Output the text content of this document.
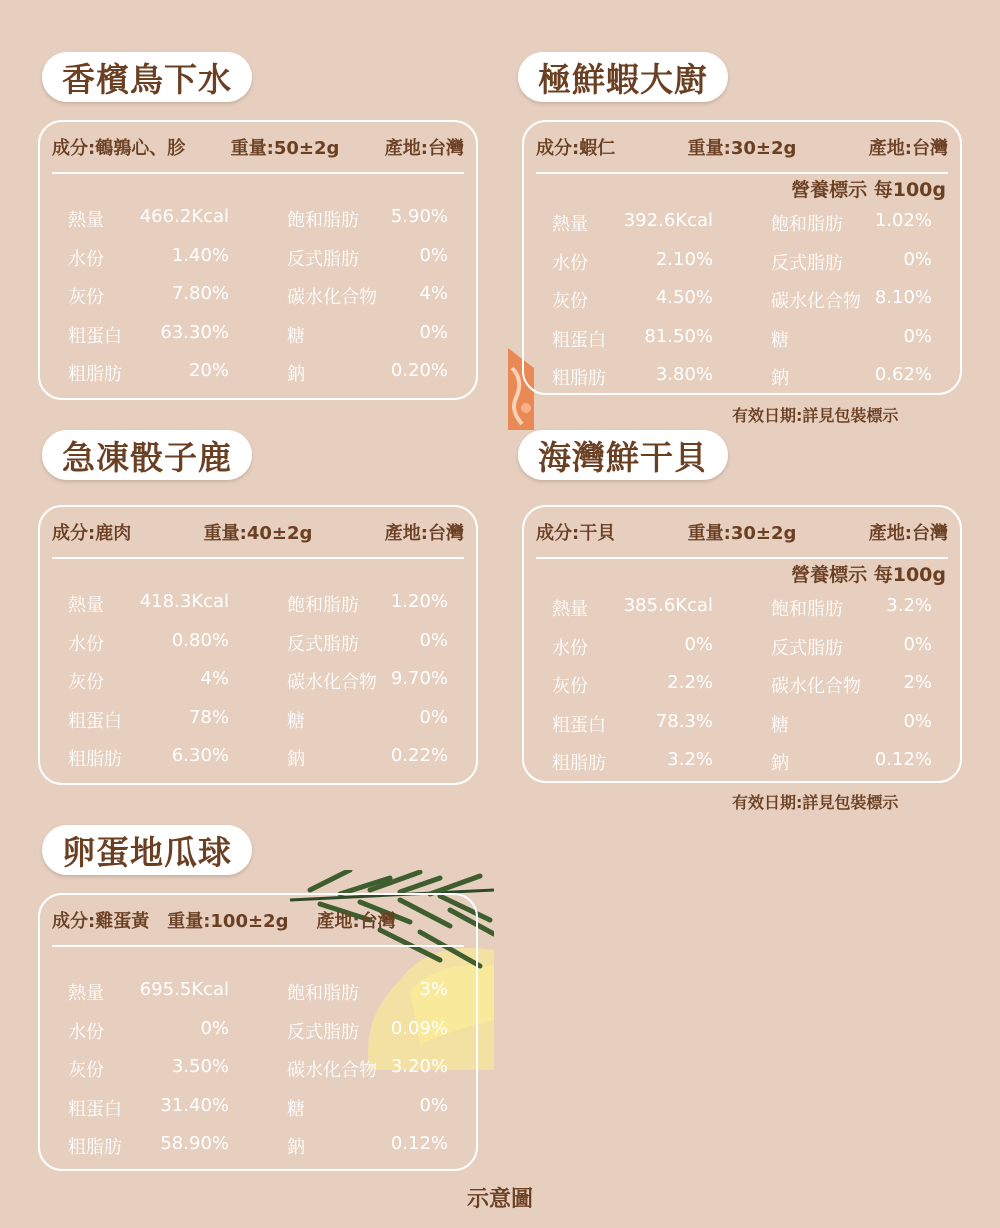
香檳鳥下水
成分:鵪鶉心、胗	重量:50±2g	產地:台灣
熱量 466.2Kcal	飽和脂肪 5.90%
水份	1.40%	反式脂肪	0%
灰份	7.80%	碳水化合物 4%
粗蛋白 63.30%	糖	0%
粗脂肪	20%	鈉	0.20%
極鮮蝦大廚
成分:蝦仁	重量:30±2g	產地:台灣
營養標示 每100g
熱量 392.6Kcal	飽和脂肪 1.02%
水份	2.10%	反式脂肪	0%
灰份	4.50%	碳水化合物 8.10%
粗蛋白 81.50%	糖	0%
粗脂肪	3.80%	鈉	0.62%
有效日期:詳見包裝標示
急凍骰子鹿
成分:鹿肉	重量:40±2g	產地:台灣
熱量 418.3Kcal	飽和脂肪 1.20%
水份	0.80%	反式脂肪	0%
灰份	4%	碳水化合物 9.70%
粗蛋白	78%	糖	0%
粗脂肪	6.30%	鈉	0.22%
海灣鮮干貝
成分:干貝	重量:30±2g	產地:台灣
營養標示 每100g
熱量 385.6Kcal	飽和脂肪 3.2%
水份	0%	反式脂肪	0%
灰份	2.2%	碳水化合物 2%
粗蛋白	78.3%	糖	0%
粗脂肪	3.2%	鈉	0.12%
有效日期:詳見包裝標示
卵蛋地瓜球
成分:雞蛋黃 重量:100±2g 產地:台灣
熱量 695.5Kcal	飽和脂肪	3%
水份	0%	反式脂肪 0.09%
灰份	3.50%	碳水化合物 3.20%
粗蛋白 31.40%	糖	0%
粗脂肪 58.90%	鈉	0.12%
示意圖
